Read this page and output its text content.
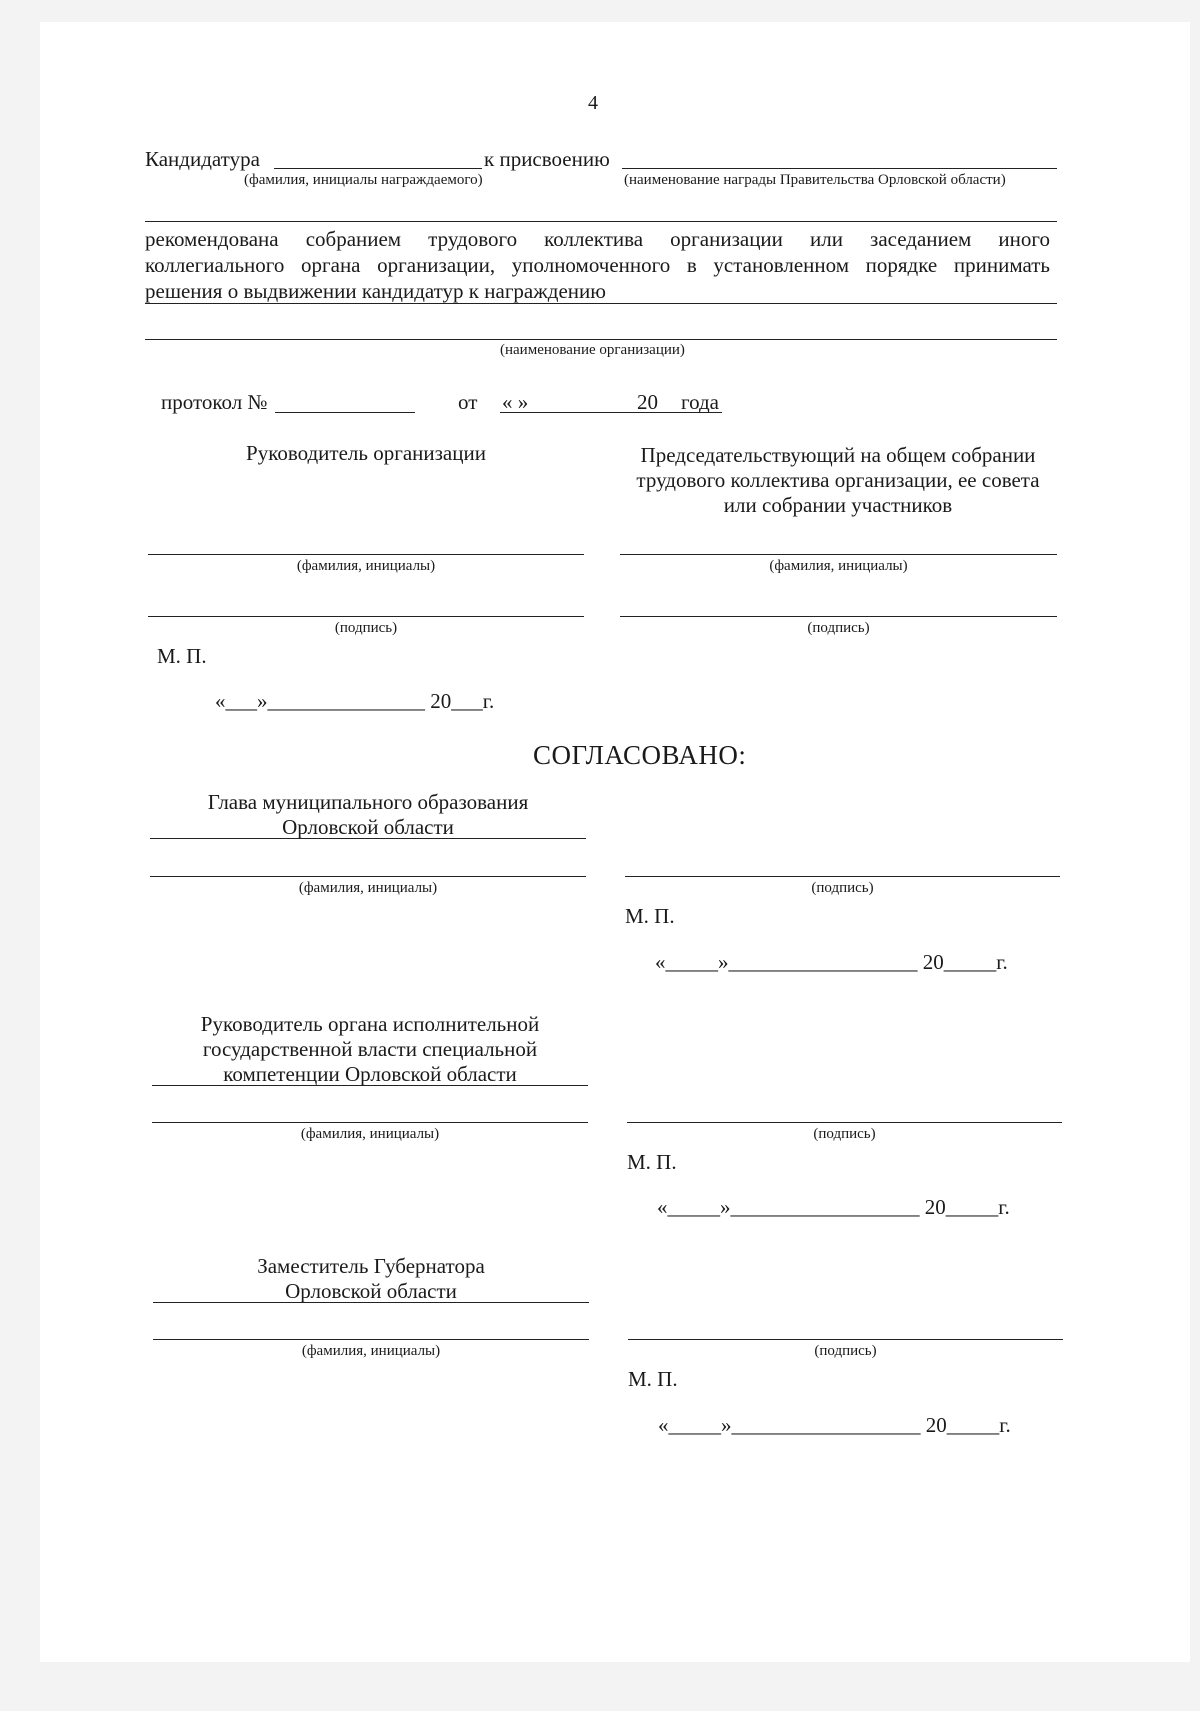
4
Кандидатура	к присвоению
(фамилия, инициалы награждаемого)	(наименование награды Правительства Орловской области)
рекомендована собранием трудового коллектива организации или заседанием иного
коллегиального органа организации, уполномоченного в установленном порядке принимать
решения о выдвижении кандидатур к награждению
(наименование организации)
протокол №	от « »	20 года
Руководитель организации
(фамилия, инициалы)
(подпись)
М. П.
«___»_______________ 20___г.
Председательствующий на общем собрании
трудового коллектива организации, ее совета
или собрании участников
(фамилия, инициалы)
(подпись)
СОГЛАСОВАНО:
Глава муниципального образования
Орловской области
(фамилия, инициалы)	(подпись)
М. П.
«_____»__________________ 20_____г.
Руководитель органа исполнительной
государственной власти специальной
компетенции Орловской области
(фамилия, инициалы)	(подпись)
М. П.
«_____»__________________ 20_____г.
Заместитель Губернатора
Орловской области
(фамилия, инициалы)	(подпись)
М. П.
«_____»__________________ 20_____г.
